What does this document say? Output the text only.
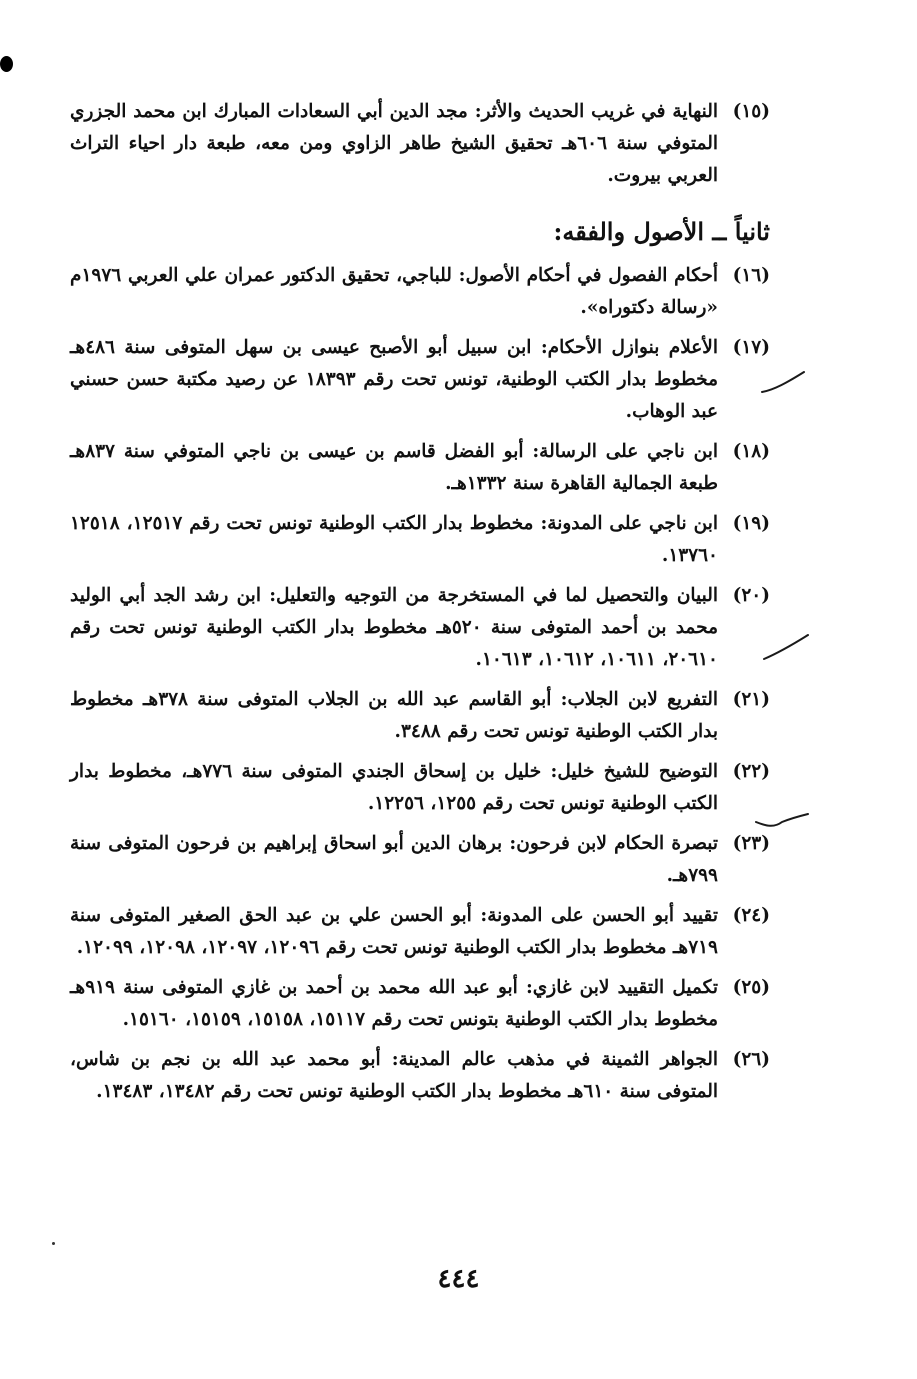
(١٥)
النهاية في غريب الحديث والأثر: مجد الدين أبي السعادات المبارك ابن محمد الجزري المتوفي سنة ٦٠٦هـ تحقيق الشيخ طاهر الزاوي ومن معه، طبعة دار احياء التراث العربي بيروت.
ثانياً ــ الأصول والفقه:
(١٦)
أحكام الفصول في أحكام الأصول: للباجي، تحقيق الدكتور عمران علي العربي ١٩٧٦م «رسالة دكتوراه».
(١٧)
الأعلام بنوازل الأحكام: ابن سبيل أبو الأصبح عيسى بن سهل المتوفى سنة ٤٨٦هـ مخطوط بدار الكتب الوطنية، تونس تحت رقم ١٨٣٩٣ عن رصيد مكتبة حسن حسني عبد الوهاب.
(١٨)
ابن ناجي على الرسالة: أبو الفضل قاسم بن عيسى بن ناجي المتوفي سنة ٨٣٧هـ طبعة الجمالية القاهرة سنة ١٣٣٢هـ.
(١٩)
ابن ناجي على المدونة: مخطوط بدار الكتب الوطنية تونس تحت رقم ١٢٥١٧، ١٢٥١٨ ١٣٧٦٠.
(٢٠)
البيان والتحصيل لما في المستخرجة من التوجيه والتعليل: ابن رشد الجد أبي الوليد محمد بن أحمد المتوفى سنة ٥٢٠هـ مخطوط بدار الكتب الوطنية تونس تحت رقم ٢٠٦١٠، ١٠٦١١، ١٠٦١٢، ١٠٦١٣.
(٢١)
التفريع لابن الجلاب: أبو القاسم عبد الله بن الجلاب المتوفى سنة ٣٧٨هـ مخطوط بدار الكتب الوطنية تونس تحت رقم ٣٤٨٨.
(٢٢)
التوضيح للشيخ خليل: خليل بن إسحاق الجندي المتوفى سنة ٧٧٦هـ، مخطوط بدار الكتب الوطنية تونس تحت رقم ١٢٥٥، ١٢٢٥٦.
(٢٣)
تبصرة الحكام لابن فرحون: برهان الدين أبو اسحاق إبراهيم بن فرحون المتوفى سنة ٧٩٩هـ.
(٢٤)
تقييد أبو الحسن على المدونة: أبو الحسن علي بن عبد الحق الصغير المتوفى سنة ٧١٩هـ مخطوط بدار الكتب الوطنية تونس تحت رقم ١٢٠٩٦، ١٢٠٩٧، ١٢٠٩٨، ١٢٠٩٩.
(٢٥)
تكميل التقييد لابن غازي: أبو عبد الله محمد بن أحمد بن غازي المتوفى سنة ٩١٩هـ مخطوط بدار الكتب الوطنية بتونس تحت رقم ١٥١١٧، ١٥١٥٨، ١٥١٥٩، ١٥١٦٠.
(٢٦)
الجواهر الثمينة في مذهب عالم المدينة: أبو محمد عبد الله بن نجم بن شاس، المتوفى سنة ٦١٠هـ مخطوط بدار الكتب الوطنية تونس تحت رقم ١٣٤٨٢، ١٣٤٨٣.
٤٤٤
